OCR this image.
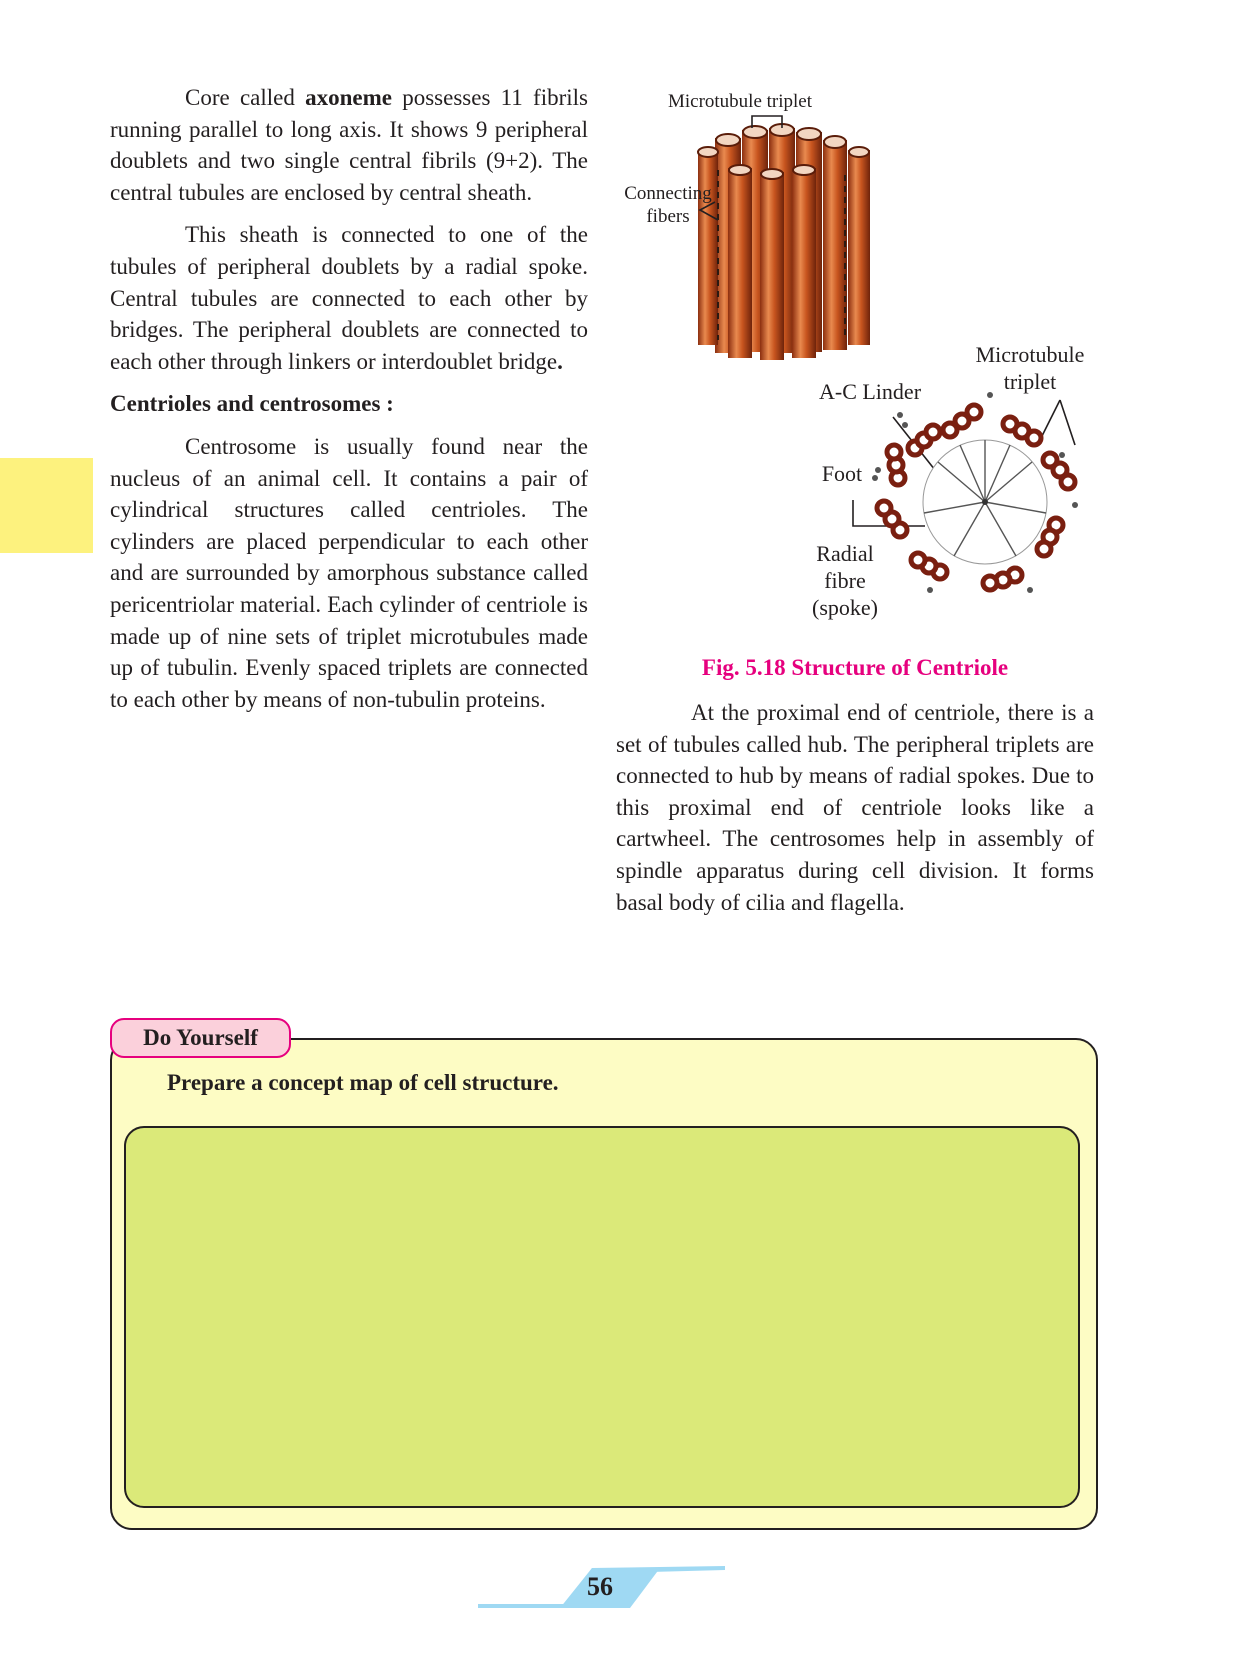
Core called axoneme possesses 11 fibrils running parallel to long axis. It shows 9 peripheral doublets and two single central fibrils (9+2). The central tubules are enclosed by central sheath.

This sheath is connected to one of the tubules of peripheral doublets by a radial spoke. Central tubules are connected to each other by bridges. The peripheral doublets are connected to each other through linkers or interdoublet bridge.

Centrioles and centrosomes :

Centrosome is usually found near the nucleus of an animal cell. It contains a pair of cylindrical structures called centrioles. The cylinders are placed perpendicular to each other and are surrounded by amorphous substance called pericentriolar material. Each cylinder of centriole is made up of nine sets of triplet microtubules made up of tubulin. Evenly spaced triplets are connected to each other by means of non-tubulin proteins.

Microtubule triplet
Connecting
fibers
Microtubule
triplet
A-C Linder
Foot
Radial
fibre
(spoke)
Fig. 5.18 Structure of Centriole

At the proximal end of centriole, there is a set of tubules called hub. The peripheral triplets are connected to hub by means of radial spokes. Due to this proximal end of centriole looks like a cartwheel. The centrosomes help in assembly of spindle apparatus during cell division. It forms basal body of cilia and flagella.

Do Yourself
Prepare a concept map of cell structure.
56
